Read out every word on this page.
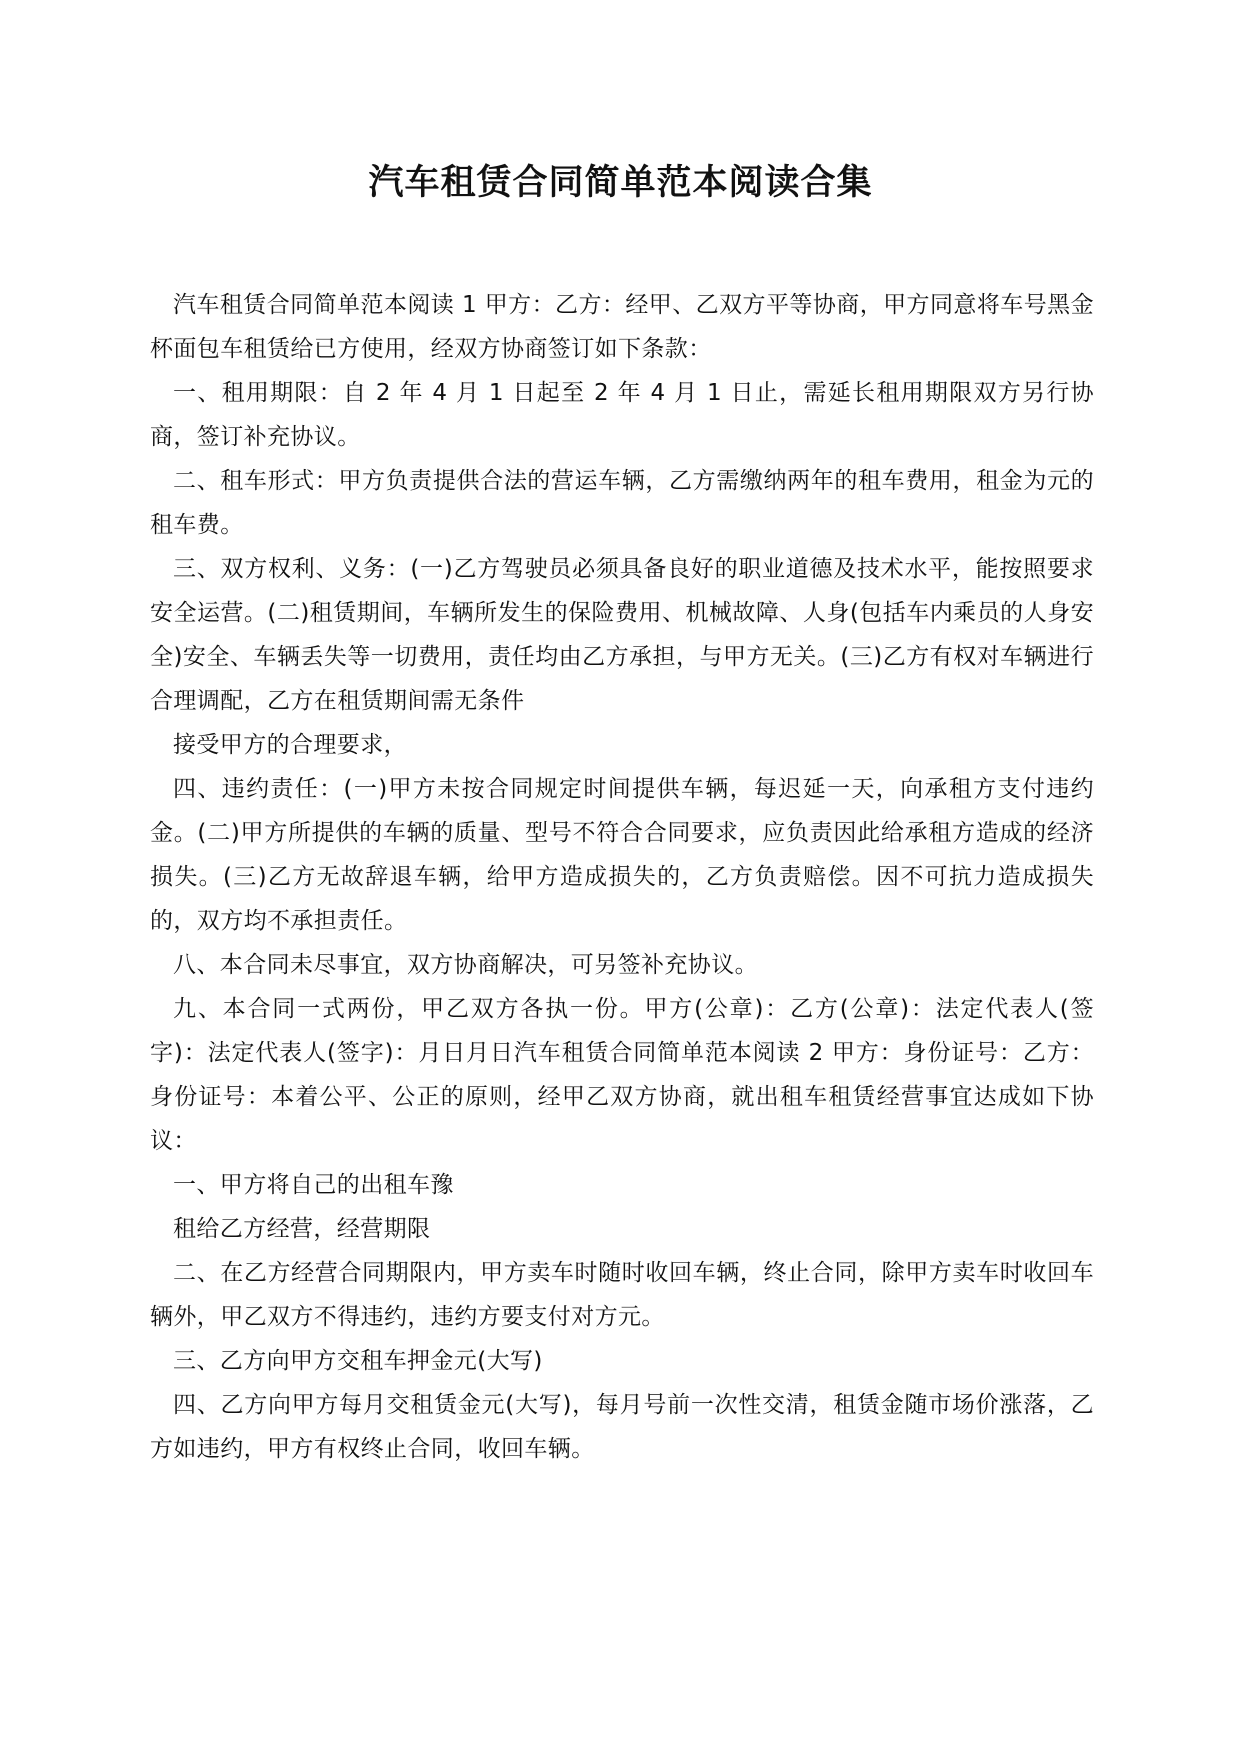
汽车租赁合同简单范本阅读合集

汽车租赁合同简单范本阅读 1 甲方：乙方：经甲、乙双方平等协商，甲方同意将车号黑金杯面包车租赁给已方使用，经双方协商签订如下条款：

一、租用期限：自 2 年 4 月 1 日起至 2 年 4 月 1 日止，需延长租用期限双方另行协商，签订补充协议。

二、租车形式：甲方负责提供合法的营运车辆，乙方需缴纳两年的租车费用，租金为元的租车费。

三、双方权利、义务：(一)乙方驾驶员必须具备良好的职业道德及技术水平，能按照要求安全运营。(二)租赁期间，车辆所发生的保险费用、机械故障、人身(包括车内乘员的人身安全)安全、车辆丢失等一切费用，责任均由乙方承担，与甲方无关。(三)乙方有权对车辆进行合理调配，乙方在租赁期间需无条件

接受甲方的合理要求，

四、违约责任：(一)甲方未按合同规定时间提供车辆，每迟延一天，向承租方支付违约金。(二)甲方所提供的车辆的质量、型号不符合合同要求，应负责因此给承租方造成的经济损失。(三)乙方无故辞退车辆，给甲方造成损失的，乙方负责赔偿。因不可抗力造成损失的，双方均不承担责任。

八、本合同未尽事宜，双方协商解决，可另签补充协议。

九、本合同一式两份，甲乙双方各执一份。甲方(公章)：乙方(公章)：法定代表人(签字)：法定代表人(签字)：月日月日汽车租赁合同简单范本阅读 2 甲方：身份证号：乙方：身份证号：本着公平、公正的原则，经甲乙双方协商，就出租车租赁经营事宜达成如下协议：

一、甲方将自己的出租车豫

租给乙方经营，经营期限

二、在乙方经营合同期限内，甲方卖车时随时收回车辆，终止合同，除甲方卖车时收回车辆外，甲乙双方不得违约，违约方要支付对方元。

三、乙方向甲方交租车押金元(大写)

四、乙方向甲方每月交租赁金元(大写)，每月号前一次性交清，租赁金随市场价涨落，乙方如违约，甲方有权终止合同，收回车辆。
